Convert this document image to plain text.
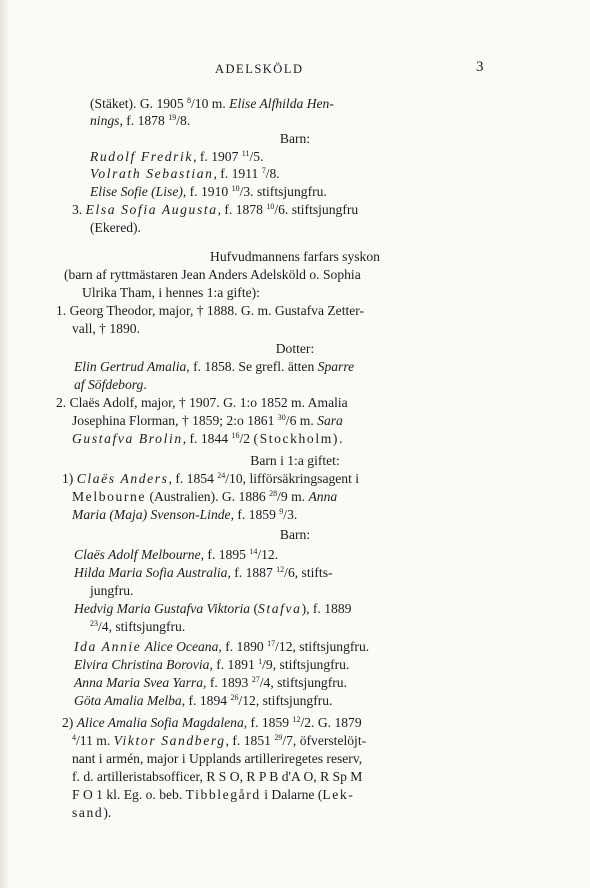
ADELSKÖLD	3
(Stäket). G. 1905 $^8$/10 m. Elise Alfhilda Hen-
nings, f. 1878 $^{19}$/8.
Barn:
Rudolf Fredrik, f. 1907 $^{11}$/5.
Volrath Sebastian, f. 1911 $^7$/8.
Elise Sofie (Lise), f. 1910 $^{10}$/3. stiftsjungfru.
3. Elsa Sofia Augusta, f. 1878 $^{10}$/6. stiftsjungfru
(Ekered).
Hufvudmannens farfars syskon
(barn af ryttmästaren Jean Anders Adelsköld o. Sophia
Ulrika Tham, i hennes 1:a gifte):
1. Georg Theodor, major, † 1888. G. m. Gustafva Zetter-
vall, † 1890.
Dotter:
Elin Gertrud Amalia, f. 1858. Se grefl. ätten Sparre
af Söfdeborg.
2. Claës Adolf, major, † 1907. G. 1:o 1852 m. Amalia
Josephina Florman, † 1859; 2:o 1861 $^{30}$/6 m. Sara
Gustafva Brolin, f. 1844 $^{16}$/2 (Stockholm).
Barn i 1:a giftet:
1) Claës Anders, f. 1854 $^{24}$/10, lifförsäkringsagent i
Melbourne (Australien). G. 1886 $^{28}$/9 m. Anna
Maria (Maja) Svenson-Linde, f. 1859 $^9$/3.
Barn:
Claës Adolf Melbourne, f. 1895 $^{14}$/12.
Hilda Maria Sofia Australia, f. 1887 $^{12}$/6, stifts-
jungfru.
Hedvig Maria Gustafva Viktoria (Stafva), f. 1889
$^{23}$/4, stiftsjungfru.
Ida Annie Alice Oceana, f. 1890 $^{17}$/12, stiftsjungfru.
Elvira Christina Borovia, f. 1891 $^1$/9, stiftsjungfru.
Anna Maria Svea Yarra, f. 1893 $^{27}$/4, stiftsjungfru.
Göta Amalia Melba, f. 1894 $^{26}$/12, stiftsjungfru.
2) Alice Amalia Sofia Magdalena, f. 1859 $^{12}$/2. G. 1879
$^4$/11 m. Viktor Sandberg, f. 1851 $^{29}$/7, öfverstelöjt-
nant i armén, major i Upplands artilleriregetes reserv,
f. d. artilleristabsofficer, R S O, R P B d'A O, R Sp M
F O 1 kl. Eg. o. beb. Tibblegård i Dalarne (Lek-
sand).
